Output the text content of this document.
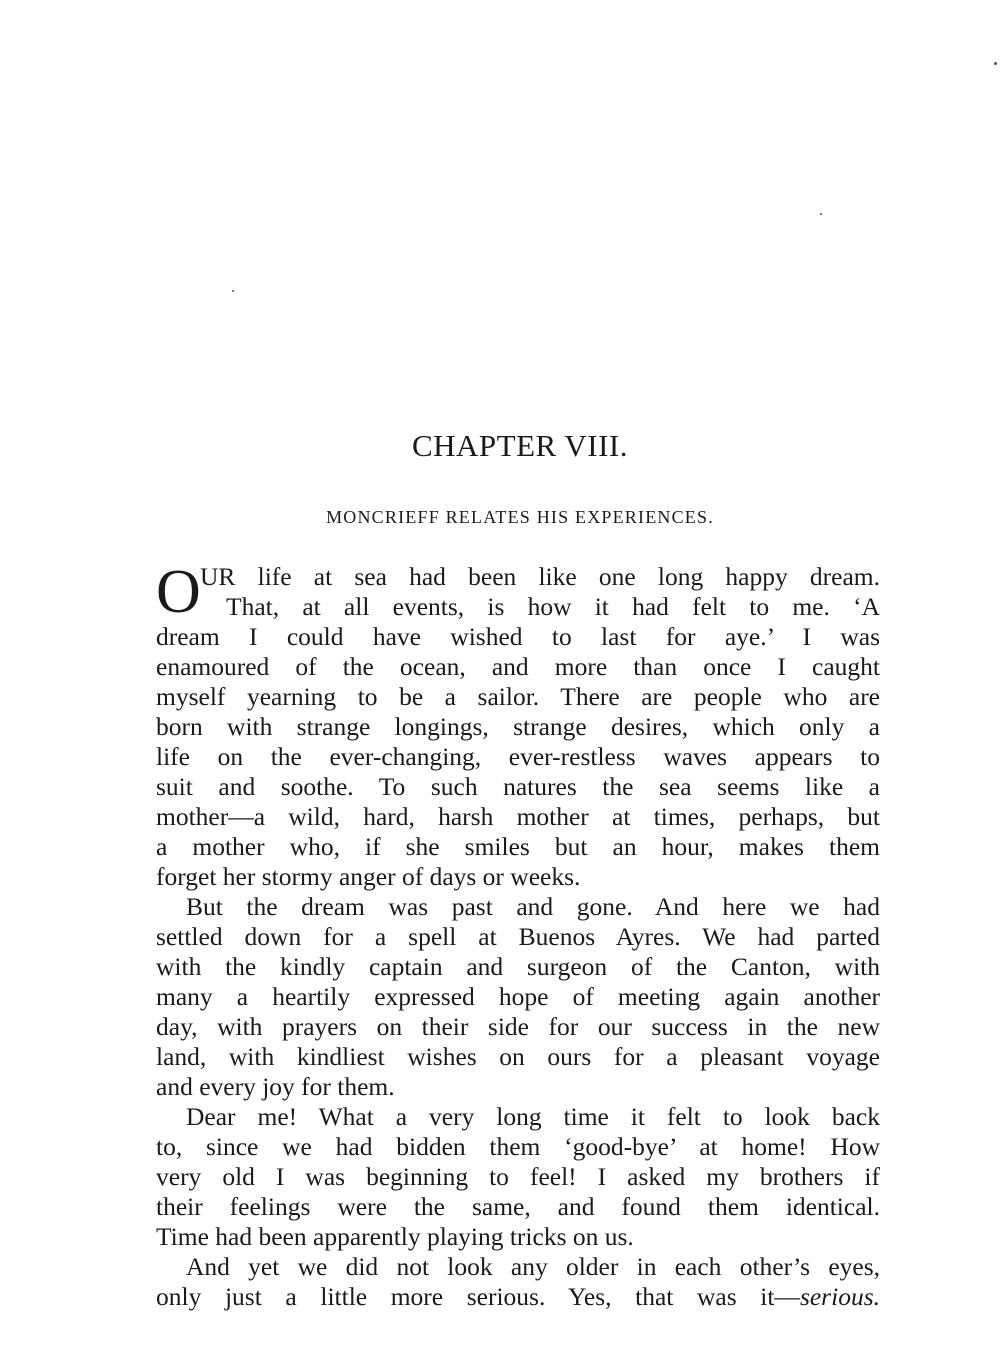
CHAPTER VIII.
MONCRIEFF RELATES HIS EXPERIENCES.
O UR life at sea had been like one long happy dream.
That, at all events, is how it had felt to me. ‘A
dream I could have wished to last for aye.’ I was
enamoured of the ocean, and more than once I caught
myself yearning to be a sailor. There are people who are
born with strange longings, strange desires, which only a
life on the ever-changing, ever-restless waves appears to
suit and soothe. To such natures the sea seems like a
mother—a wild, hard, harsh mother at times, perhaps, but
a mother who, if she smiles but an hour, makes them
forget her stormy anger of days or weeks.
But the dream was past and gone. And here we had
settled down for a spell at Buenos Ayres. We had parted
with the kindly captain and surgeon of the Canton, with
many a heartily expressed hope of meeting again another
day, with prayers on their side for our success in the new
land, with kindliest wishes on ours for a pleasant voyage
and every joy for them.
Dear me! What a very long time it felt to look back
to, since we had bidden them ‘good-bye’ at home! How
very old I was beginning to feel! I asked my brothers if
their feelings were the same, and found them identical.
Time had been apparently playing tricks on us.
And yet we did not look any older in each other’s eyes,
only just a little more serious. Yes, that was it—serious.
